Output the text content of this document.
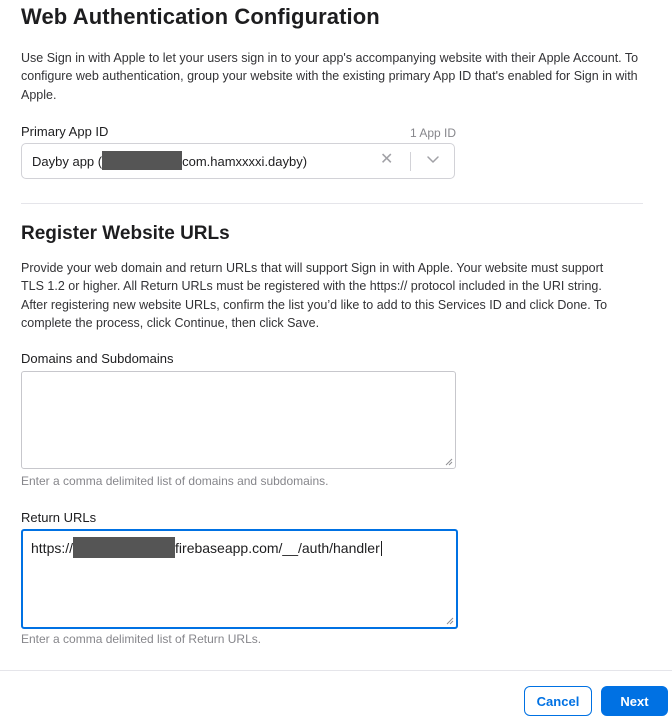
Web Authentication Configuration

Use Sign in with Apple to let your users sign in to your app's accompanying website with their Apple Account. To configure web authentication, group your website with the existing primary App ID that's enabled for Sign in with Apple.

Primary App ID	1 App ID
Dayby app (	com.hamxxxxi.dayby)	✕
Register Website URLs

Provide your web domain and return URLs that will support Sign in with Apple. Your website must support TLS 1.2 or higher. All Return URLs must be registered with the https:// protocol included in the URI string. After registering new website URLs, confirm the list you’d like to add to this Services ID and click Done. To complete the process, click Continue, then click Save.

Domains and Subdomains
Enter a comma delimited list of domains and subdomains.
Return URLs
https://	firebaseapp.com/__/auth/handler
Enter a comma delimited list of Return URLs.
Cancel	Next
